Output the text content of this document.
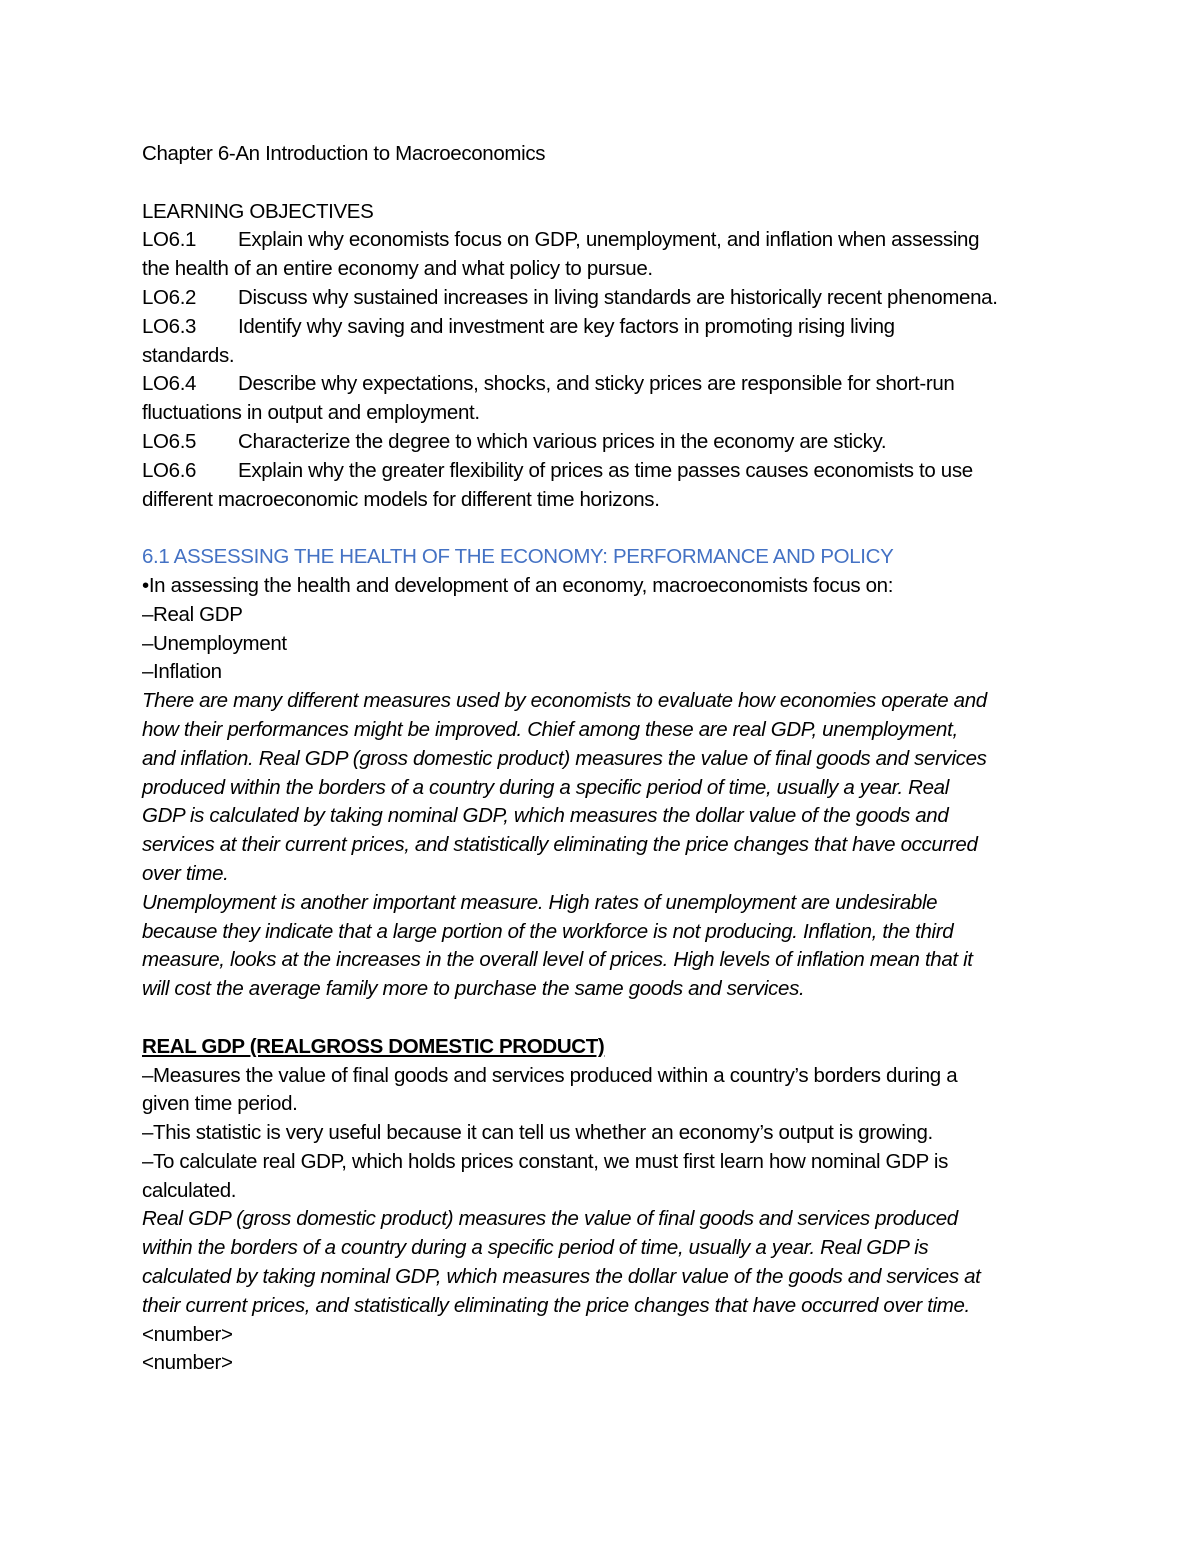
Chapter 6-An Introduction to Macroeconomics
LEARNING OBJECTIVES
LO6.1 Explain why economists focus on GDP, unemployment, and inflation when assessing
the health of an entire economy and what policy to pursue.
LO6.2 Discuss why sustained increases in living standards are historically recent phenomena.
LO6.3 Identify why saving and investment are key factors in promoting rising living
standards.
LO6.4 Describe why expectations, shocks, and sticky prices are responsible for short-run
fluctuations in output and employment.
LO6.5 Characterize the degree to which various prices in the economy are sticky.
LO6.6 Explain why the greater flexibility of prices as time passes causes economists to use
different macroeconomic models for different time horizons.
6.1 ASSESSING THE HEALTH OF THE ECONOMY: PERFORMANCE AND POLICY
•In assessing the health and development of an economy, macroeconomists focus on:
–Real GDP
–Unemployment
–Inflation
There are many different measures used by economists to evaluate how economies operate and
how their performances might be improved. Chief among these are real GDP, unemployment,
and inflation. Real GDP (gross domestic product) measures the value of final goods and services
produced within the borders of a country during a specific period of time, usually a year. Real
GDP is calculated by taking nominal GDP, which measures the dollar value of the goods and
services at their current prices, and statistically eliminating the price changes that have occurred
over time.
Unemployment is another important measure. High rates of unemployment are undesirable
because they indicate that a large portion of the workforce is not producing. Inflation, the third
measure, looks at the increases in the overall level of prices. High levels of inflation mean that it
will cost the average family more to purchase the same goods and services.
REAL GDP (REALGROSS DOMESTIC PRODUCT)
–Measures the value of final goods and services produced within a country’s borders during a
given time period.
–This statistic is very useful because it can tell us whether an economy’s output is growing.
–To calculate real GDP, which holds prices constant, we must first learn how nominal GDP is
calculated.
Real GDP (gross domestic product) measures the value of final goods and services produced
within the borders of a country during a specific period of time, usually a year. Real GDP is
calculated by taking nominal GDP, which measures the dollar value of the goods and services at
their current prices, and statistically eliminating the price changes that have occurred over time.
<number>
<number>
